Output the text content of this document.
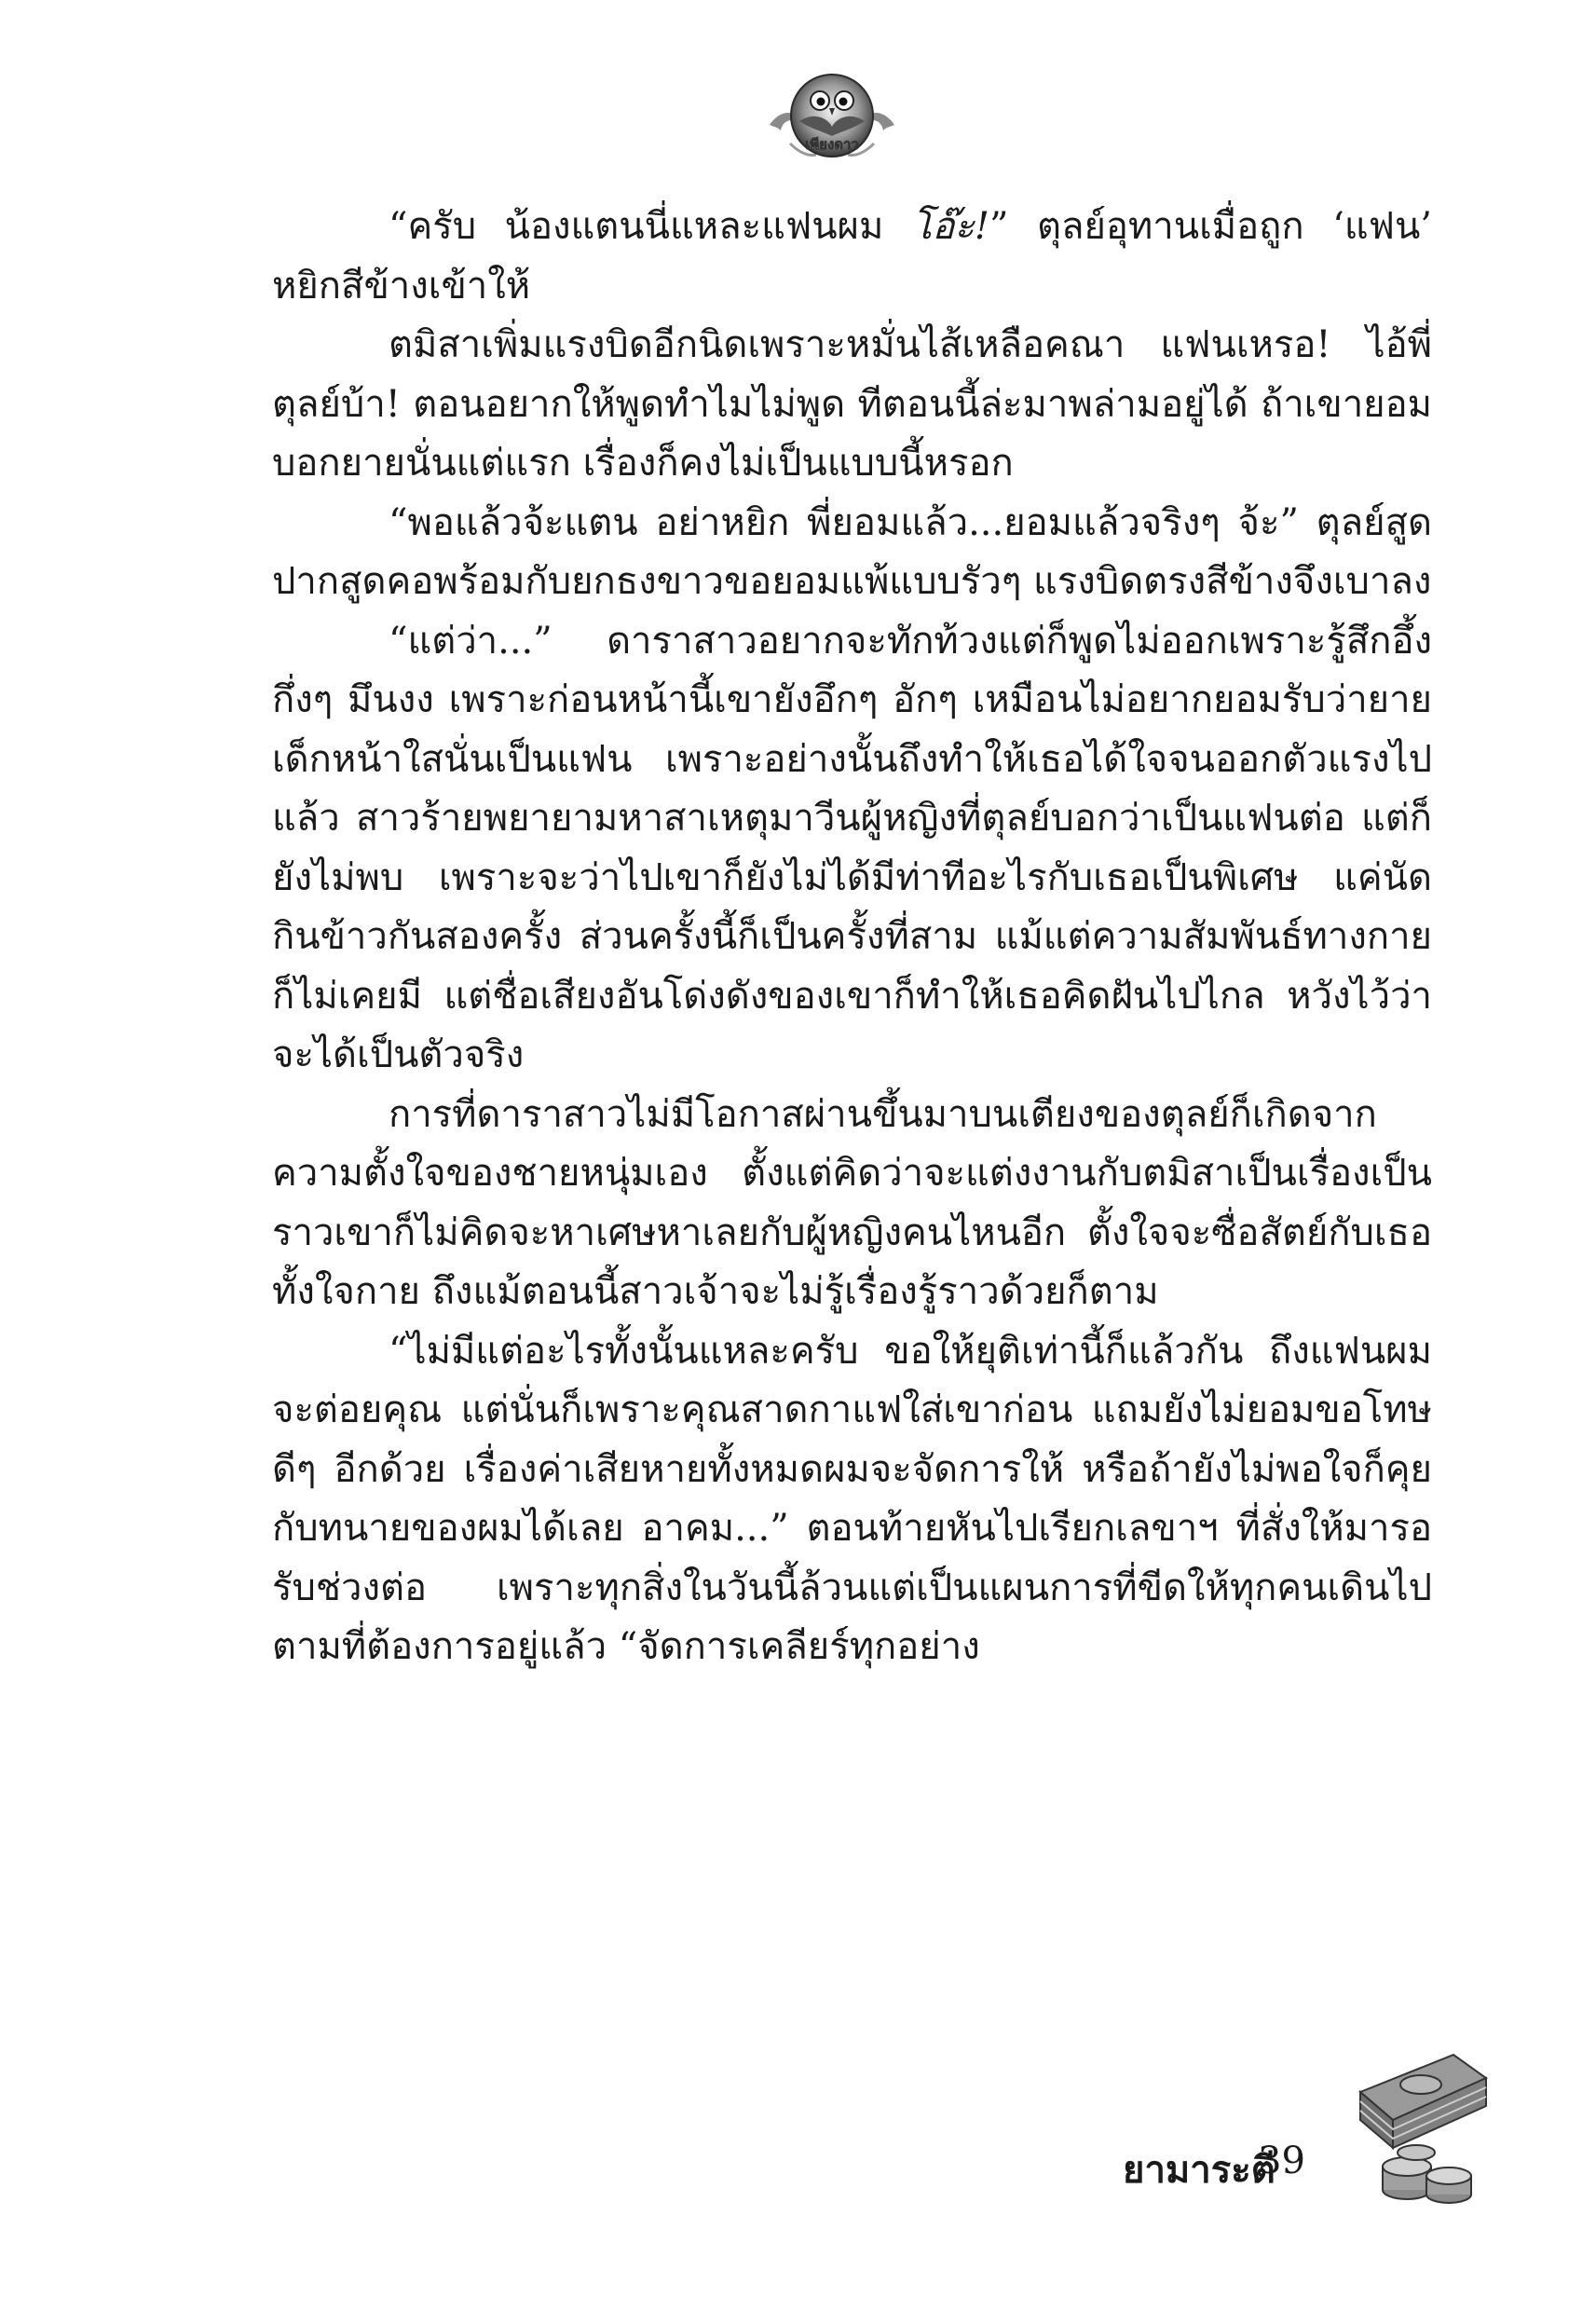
เพียงดาว

“ครับ น้องแตนนี่แหละแฟนผม โอ๊ะ!” ตุลย์อุทานเมื่อถูก ‘แฟน’ หยิกสีข้างเข้าให้

ตมิสาเพิ่มแรงบิดอีกนิดเพราะหมั่นไส้เหลือคณา แฟนเหรอ! ไอ้พี่ตุลย์บ้า! ตอนอยากให้พูดทำไมไม่พูด ทีตอนนี้ล่ะมาพล่ามอยู่ได้ ถ้าเขายอมบอกยายนั่นแต่แรก เรื่องก็คงไม่เป็นแบบนี้หรอก

“พอแล้วจ้ะแตน อย่าหยิก พี่ยอมแล้ว...ยอมแล้วจริงๆ จ้ะ” ตุลย์สูดปากสูดคอพร้อมกับยกธงขาวขอยอมแพ้แบบรัวๆ แรงบิดตรงสีข้างจึงเบาลง

“แต่ว่า...” ดาราสาวอยากจะทักท้วงแต่ก็พูดไม่ออกเพราะรู้สึกอึ้งกึ่งๆ มึนงง เพราะก่อนหน้านี้เขายังอึกๆ อักๆ เหมือนไม่อยากยอมรับว่ายายเด็กหน้าใสนั่นเป็นแฟน เพราะอย่างนั้นถึงทำให้เธอได้ใจจนออกตัวแรงไปแล้ว สาวร้ายพยายามหาสาเหตุมาวีนผู้หญิงที่ตุลย์บอกว่าเป็นแฟนต่อ แต่ก็ยังไม่พบ เพราะจะว่าไปเขาก็ยังไม่ได้มีท่าทีอะไรกับเธอเป็นพิเศษ แค่นัดกินข้าวกันสองครั้ง ส่วนครั้งนี้ก็เป็นครั้งที่สาม แม้แต่ความสัมพันธ์ทางกายก็ไม่เคยมี แต่ชื่อเสียงอันโด่งดังของเขาก็ทำให้เธอคิดฝันไปไกล หวังไว้ว่าจะได้เป็นตัวจริง

การที่ดาราสาวไม่มีโอกาสผ่านขึ้นมาบนเตียงของตุลย์ก็เกิดจากความตั้งใจของชายหนุ่มเอง ตั้งแต่คิดว่าจะแต่งงานกับตมิสาเป็นเรื่องเป็นราวเขาก็ไม่คิดจะหาเศษหาเลยกับผู้หญิงคนไหนอีก ตั้งใจจะซื่อสัตย์กับเธอทั้งใจกาย ถึงแม้ตอนนี้สาวเจ้าจะไม่รู้เรื่องรู้ราวด้วยก็ตาม

“ไม่มีแต่อะไรทั้งนั้นแหละครับ ขอให้ยุติเท่านี้ก็แล้วกัน ถึงแฟนผมจะต่อยคุณ แต่นั่นก็เพราะคุณสาดกาแฟใส่เขาก่อน แถมยังไม่ยอมขอโทษดีๆ อีกด้วย เรื่องค่าเสียหายทั้งหมดผมจะจัดการให้ หรือถ้ายังไม่พอใจก็คุยกับทนายของผมได้เลย อาคม...” ตอนท้ายหันไปเรียกเลขาฯ ที่สั่งให้มารอรับช่วงต่อ เพราะทุกสิ่งในวันนี้ล้วนแต่เป็นแผนการที่ขีดให้ทุกคนเดินไปตามที่ต้องการอยู่แล้ว “จัดการเคลียร์ทุกอย่าง

ยามาระตี
39
